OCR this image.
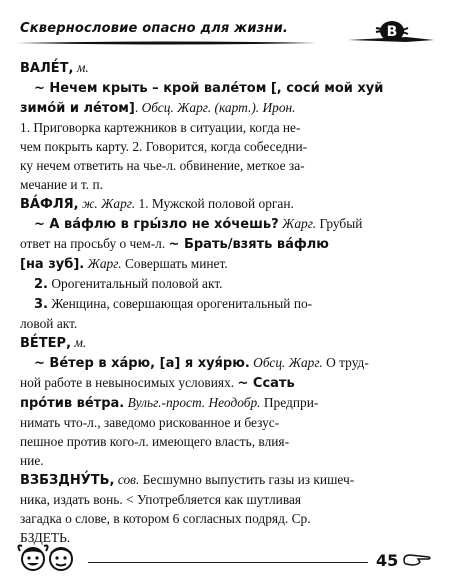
Сквернословие опасно для жизни.	В
ВАЛЕ́Т, м.
~ Нечем крыть – крой вале́том [, соси́ мой хуй
зимо́й и ле́том]. Обсц. Жарг. (карт.). Ирон.
1. Приговорка картежников в ситуации, когда не-
чем покрыть карту. 2. Говорится, когда собеседни-
ку нечем ответить на чье-л. обвинение, меткое за-
мечание и т. п.
ВА́ФЛЯ, ж. Жарг. 1. Мужской половой орган.
~ А ва́флю в гры́зло не хо́чешь? Жарг. Грубый
ответ на просьбу о чем-л. ~ Брать/взять ва́флю
[на зуб]. Жарг. Совершать минет.
2. Орогенитальный половой акт.
3. Женщина, совершающая орогенитальный по-
ловой акт.
ВЕ́ТЕР, м.
~ Ве́тер в ха́рю, [а] я хуя́рю. Обсц. Жарг. О труд-
ной работе в невыносимых условиях. ~ Ссать
про́тив ве́тра. Вульг.-прост. Неодобр. Предпри-
нимать что-л., заведомо рискованное и безус-
пешное против кого-л. имеющего власть, влия-
ние.
ВЗБЗДНУ́ТЬ, сов. Бесшумно выпустить газы из кишеч-
ника, издать вонь. < Употребляется как шутливая
загадка о слове, в котором 6 согласных подряд. Ср.
БЗДЕТЬ.
45
